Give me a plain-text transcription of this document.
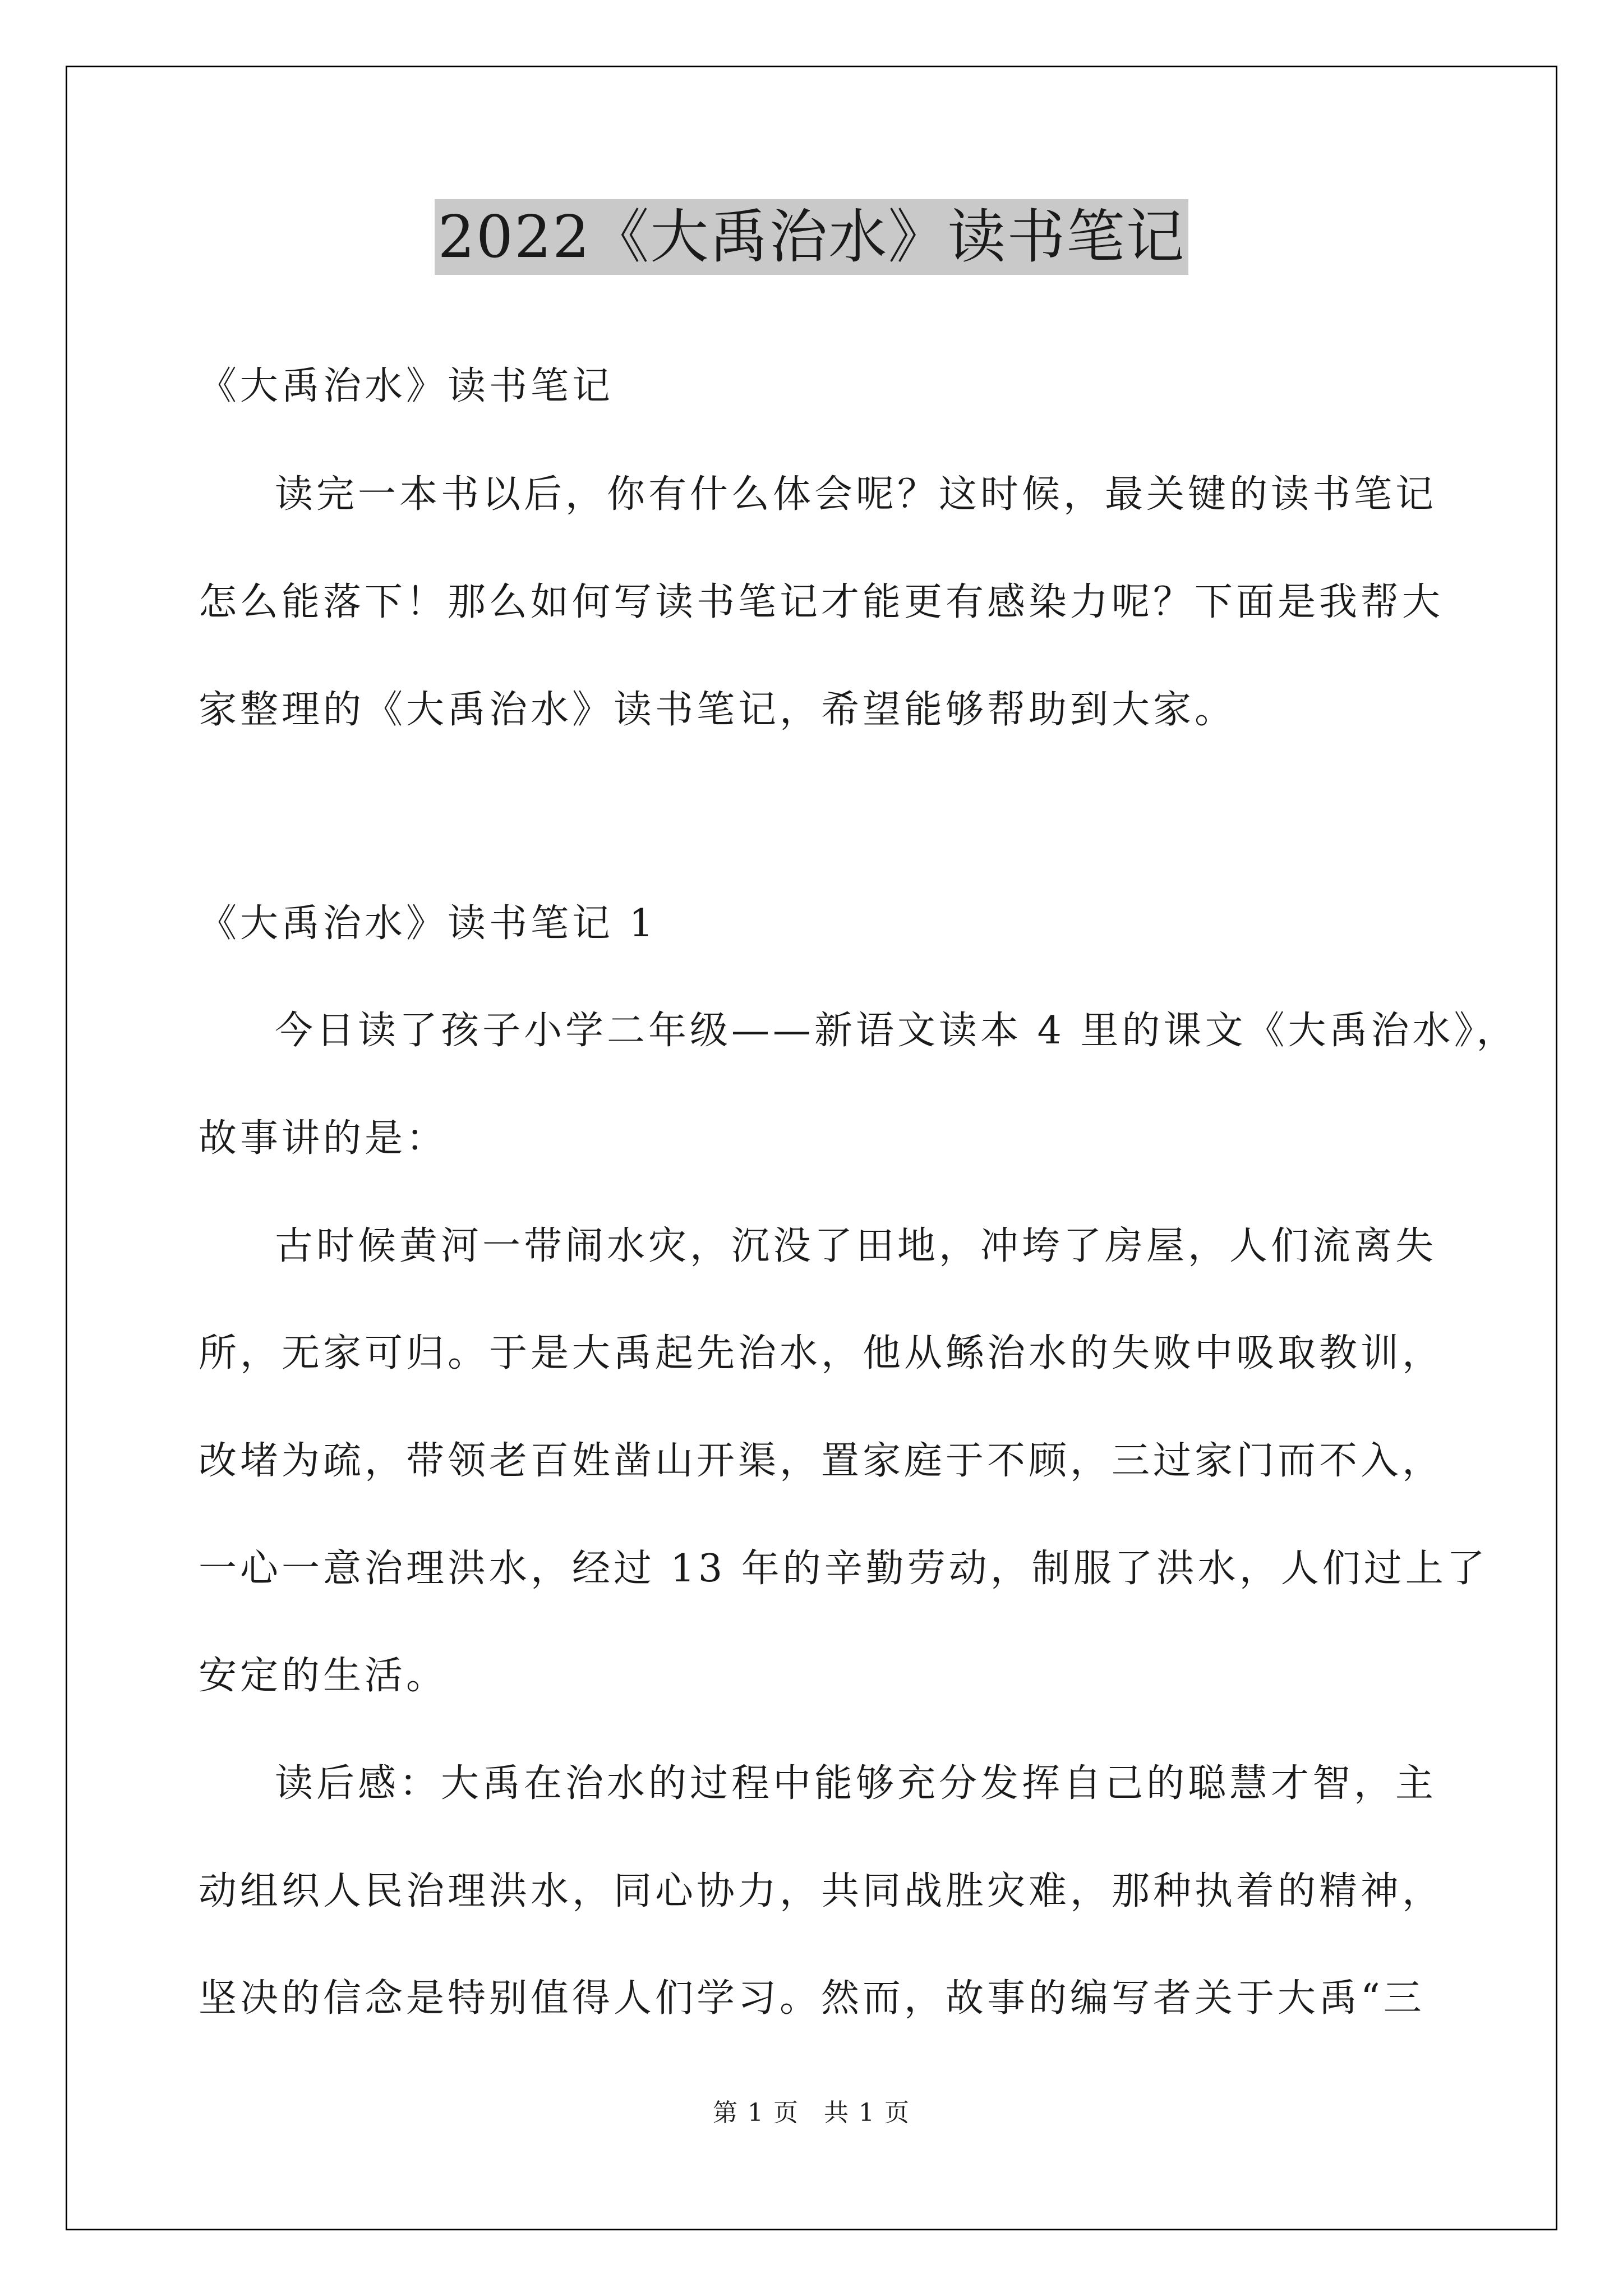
2022《大禹治水》读书笔记
《大禹治水》读书笔记
读完一本书以后，你有什么体会呢？这时候，最关键的读书笔记
怎么能落下！那么如何写读书笔记才能更有感染力呢？下面是我帮大
家整理的《大禹治水》读书笔记，希望能够帮助到大家。
《大禹治水》读书笔记 1
今日读了孩子小学二年级——新语文读本 4 里的课文《大禹治水》，
故事讲的是：
古时候黄河一带闹水灾，沉没了田地，冲垮了房屋，人们流离失
所，无家可归。于是大禹起先治水，他从鲧治水的失败中吸取教训，
改堵为疏，带领老百姓凿山开渠，置家庭于不顾，三过家门而不入，
一心一意治理洪水，经过 13 年的辛勤劳动，制服了洪水，人们过上了
安定的生活。
读后感：大禹在治水的过程中能够充分发挥自己的聪慧才智，主
动组织人民治理洪水，同心协力，共同战胜灾难，那种执着的精神，
坚决的信念是特别值得人们学习。然而，故事的编写者关于大禹“三
第 1 页 共 1 页
